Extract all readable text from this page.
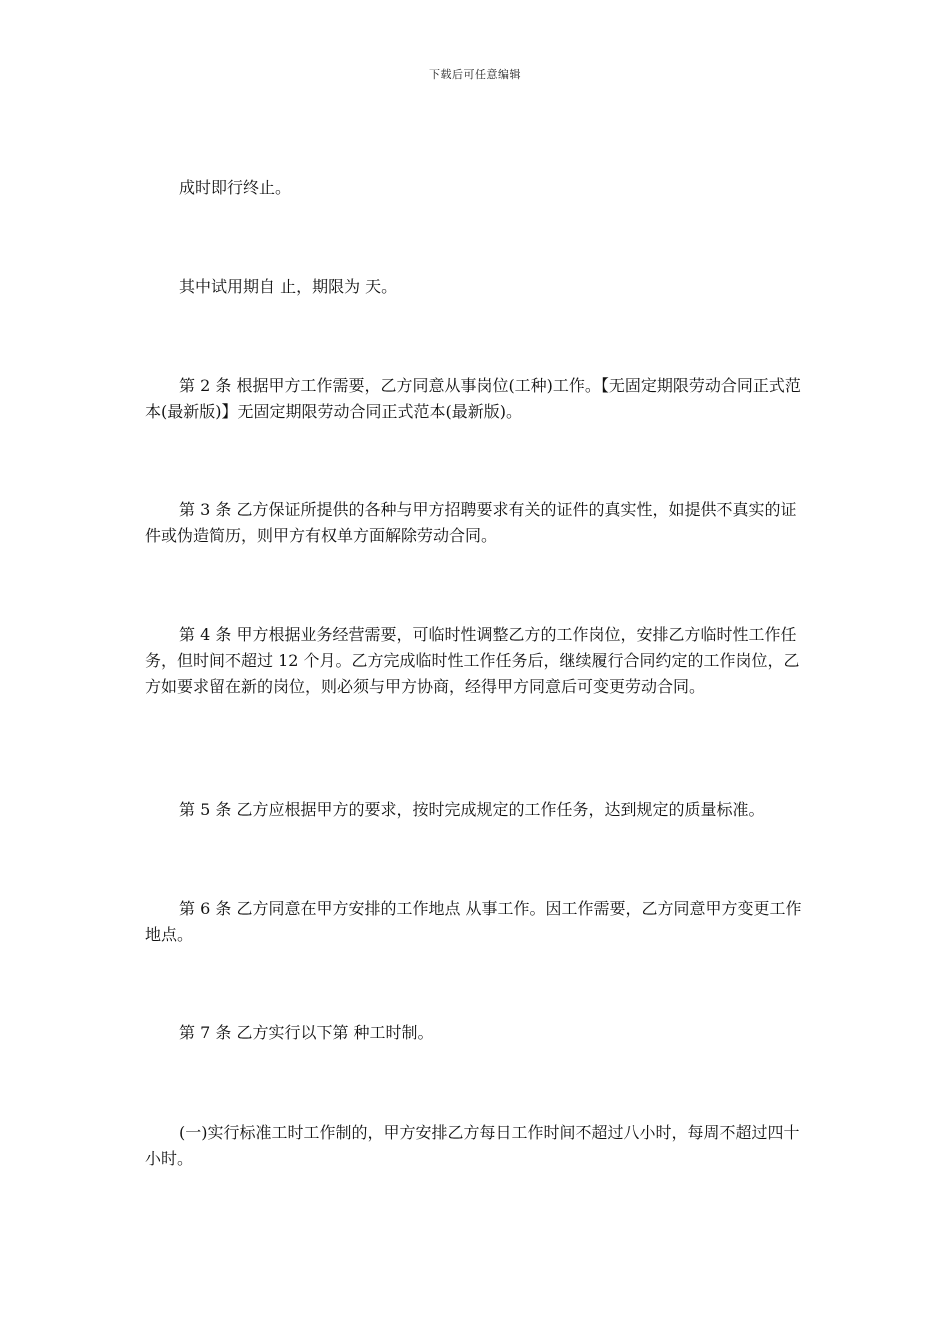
下载后可任意编辑

成时即行终止。

其中试用期自 止，期限为 天。

第 2 条 根据甲方工作需要，乙方同意从事岗位(工种)工作。【无固定期限劳动合同正式范本(最新版)】无固定期限劳动合同正式范本(最新版)。

第 3 条 乙方保证所提供的各种与甲方招聘要求有关的证件的真实性，如提供不真实的证件或伪造简历，则甲方有权单方面解除劳动合同。

第 4 条 甲方根据业务经营需要，可临时性调整乙方的工作岗位，安排乙方临时性工作任务，但时间不超过 12 个月。乙方完成临时性工作任务后，继续履行合同约定的工作岗位，乙方如要求留在新的岗位，则必须与甲方协商，经得甲方同意后可变更劳动合同。

第 5 条 乙方应根据甲方的要求，按时完成规定的工作任务，达到规定的质量标准。

第 6 条 乙方同意在甲方安排的工作地点 从事工作。因工作需要，乙方同意甲方变更工作地点。

第 7 条 乙方实行以下第 种工时制。

(一)实行标准工时工作制的，甲方安排乙方每日工作时间不超过八小时，每周不超过四十小时。
